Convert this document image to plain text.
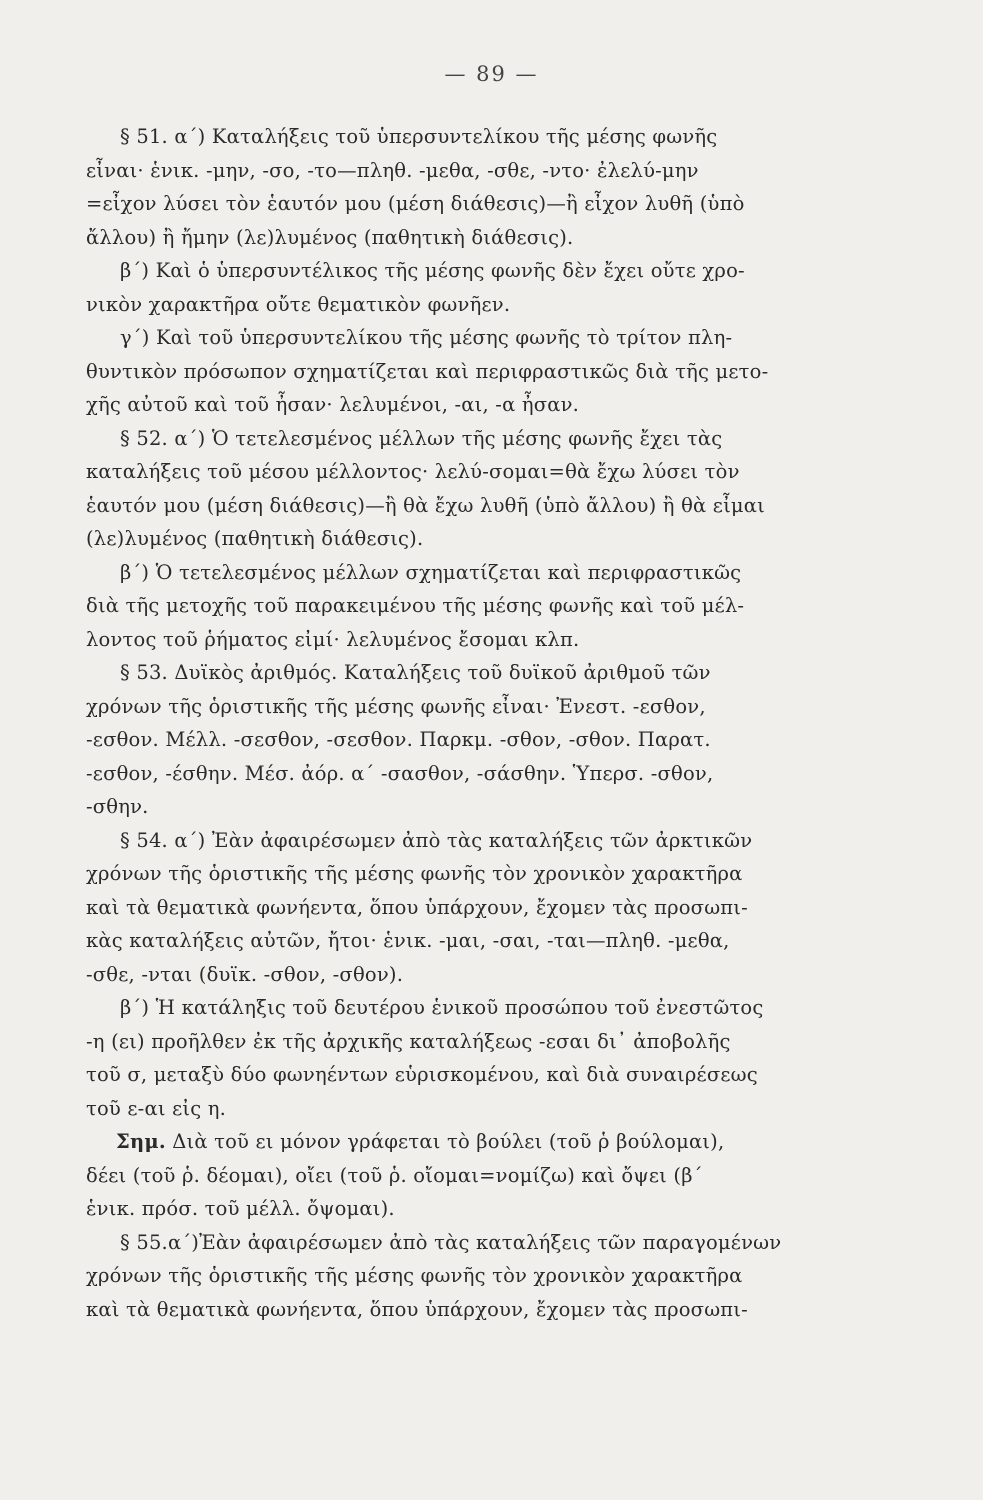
— 89 —
§ 51. α΄) Καταλήξεις τοῦ ὑπερσυντελίκου τῆς μέσης φωνῆς
εἶναι· ἑνικ. -μην, -σο, -το—πληθ. -μεθα, -σθε, -ντο· ἐλελύ-μην
=εἶχον λύσει τὸν ἑαυτόν μου (μέση διάθεσις)—ἢ εἶχον λυθῆ (ὑπὸ
ἄλλου) ἢ ἤμην (λε)λυμένος (παθητικὴ διάθεσις).
β΄) Καὶ ὁ ὑπερσυντέλικος τῆς μέσης φωνῆς δὲν ἔχει οὔτε χρο-
νικὸν χαρακτῆρα οὔτε θεματικὸν φωνῆεν.
γ΄) Καὶ τοῦ ὑπερσυντελίκου τῆς μέσης φωνῆς τὸ τρίτον πλη-
θυντικὸν πρόσωπον σχηματίζεται καὶ περιφραστικῶς διὰ τῆς μετο-
χῆς αὐτοῦ καὶ τοῦ ἦσαν· λελυμένοι, -αι, -α ἦσαν.
§ 52. α΄) Ὁ τετελεσμένος μέλλων τῆς μέσης φωνῆς ἔχει τὰς
καταλήξεις τοῦ μέσου μέλλοντος· λελύ-σομαι=θὰ ἔχω λύσει τὸν
ἑαυτόν μου (μέση διάθεσις)—ἢ θὰ ἔχω λυθῆ (ὑπὸ ἄλλου) ἢ θὰ εἶμαι
(λε)λυμένος (παθητικὴ διάθεσις).
β΄) Ὁ τετελεσμένος μέλλων σχηματίζεται καὶ περιφραστικῶς
διὰ τῆς μετοχῆς τοῦ παρακειμένου τῆς μέσης φωνῆς καὶ τοῦ μέλ-
λοντος τοῦ ῥήματος εἰμί· λελυμένος ἔσομαι κλπ.
§ 53. Δυϊκὸς ἀριθμός. Καταλήξεις τοῦ δυϊκοῦ ἀριθμοῦ τῶν
χρόνων τῆς ὁριστικῆς τῆς μέσης φωνῆς εἶναι· Ἐνεστ. -εσθον,
-εσθον. Μέλλ. -σεσθον, -σεσθον. Παρκμ. -σθον, -σθον. Παρατ.
-εσθον, -έσθην. Μέσ. ἀόρ. α΄ -σασθον, -σάσθην. Ὑπερσ. -σθον,
-σθην.
§ 54. α΄) Ἐὰν ἀφαιρέσωμεν ἀπὸ τὰς καταλήξεις τῶν ἀρκτικῶν
χρόνων τῆς ὁριστικῆς τῆς μέσης φωνῆς τὸν χρονικὸν χαρακτῆρα
καὶ τὰ θεματικὰ φωνήεντα, ὅπου ὑπάρχουν, ἔχομεν τὰς προσωπι-
κὰς καταλήξεις αὐτῶν, ἤτοι· ἑνικ. -μαι, -σαι, -ται—πληθ. -μεθα,
-σθε, -νται (δυϊκ. -σθον, -σθον).
β΄) Ἡ κατάληξις τοῦ δευτέρου ἑνικοῦ προσώπου τοῦ ἐνεστῶτος
-η (ει) προῆλθεν ἐκ τῆς ἀρχικῆς καταλήξεως -εσαι δι᾽ ἀποβολῆς
τοῦ σ, μεταξὺ δύο φωνηέντων εὑρισκομένου, καὶ διὰ συναιρέσεως
τοῦ ε-αι εἰς η.
Σημ. Διὰ τοῦ ει μόνον γράφεται τὸ βούλει (τοῦ ῥ βούλομαι),
δέει (τοῦ ῥ. δέομαι), οἴει (τοῦ ῥ. οἴομαι=νομίζω) καὶ ὄψει (β΄
ἑνικ. πρόσ. τοῦ μέλλ. ὄψομαι).
§ 55.α΄)Ἐὰν ἀφαιρέσωμεν ἀπὸ τὰς καταλήξεις τῶν παραγομένων
χρόνων τῆς ὁριστικῆς τῆς μέσης φωνῆς τὸν χρονικὸν χαρακτῆρα
καὶ τὰ θεματικὰ φωνήεντα, ὅπου ὑπάρχουν, ἔχομεν τὰς προσωπι-
